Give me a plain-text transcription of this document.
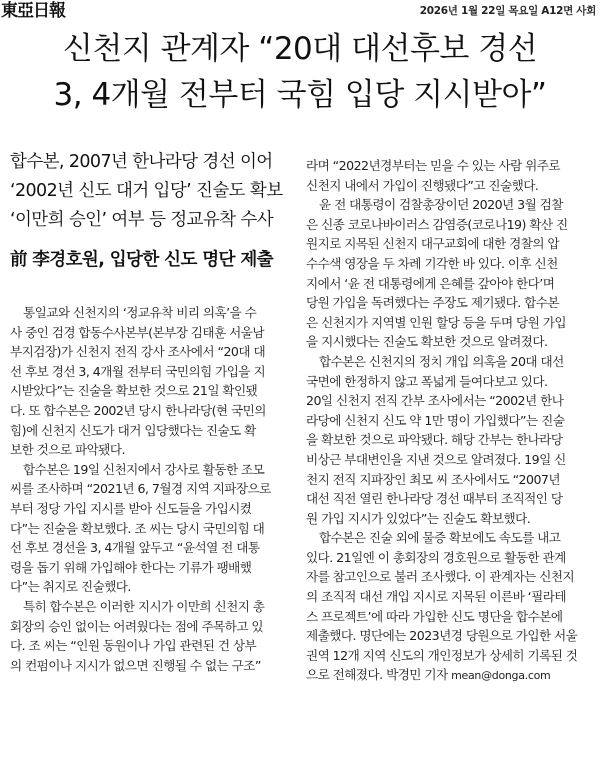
東亞日報	2026년 1월 22일 목요일 A12면 사회
신천지 관계자 “20대 대선후보 경선
3, 4개월 전부터 국힘 입당 지시받아”
합수본, 2007년 한나라당 경선 이어
‘2002년 신도 대거 입당’ 진술도 확보
‘이만희 승인’ 여부 등 정교유착 수사
前 李경호원, 입당한 신도 명단 제출
통일교와 신천지의 ‘정교유착 비리 의혹’을 수
사 중인 검경 합동수사본부(본부장 김태훈 서울남
부지검장)가 신천지 전직 강사 조사에서 “20대 대
선 후보 경선 3, 4개월 전부터 국민의힘 가입을 지
시받았다”는 진술을 확보한 것으로 21일 확인됐
다. 또 합수본은 2002년 당시 한나라당(현 국민의
힘)에 신천지 신도가 대거 입당했다는 진술도 확
보한 것으로 파악됐다.
합수본은 19일 신천지에서 강사로 활동한 조모
씨를 조사하며 “2021년 6, 7월경 지역 지파장으로
부터 정당 가입 지시를 받아 신도들을 가입시켰
다”는 진술을 확보했다. 조 씨는 당시 국민의힘 대
선 후보 경선을 3, 4개월 앞두고 “윤석열 전 대통
령을 돕기 위해 가입해야 한다는 기류가 팽배했
다”는 취지로 진술했다.
특히 합수본은 이러한 지시가 이만희 신천지 총
회장의 승인 없이는 어려웠다는 점에 주목하고 있
다. 조 씨는 “인원 동원이나 가입 관련된 건 상부
의 컨펌이나 지시가 없으면 진행될 수 없는 구조”
라며 “2022년경부터는 믿을 수 있는 사람 위주로
신천지 내에서 가입이 진행됐다”고 진술했다.
윤 전 대통령이 검찰총장이던 2020년 3월 검찰
은 신종 코로나바이러스 감염증(코로나19) 확산 진
원지로 지목된 신천지 대구교회에 대한 경찰의 압
수수색 영장을 두 차례 기각한 바 있다. 이후 신천
지에서 ‘윤 전 대통령에게 은혜를 갚아야 한다’며
당원 가입을 독려했다는 주장도 제기됐다. 합수본
은 신천지가 지역별 인원 할당 등을 두며 당원 가입
을 지시했다는 진술도 확보한 것으로 알려졌다.
합수본은 신천지의 정치 개입 의혹을 20대 대선
국면에 한정하지 않고 폭넓게 들여다보고 있다.
20일 신천지 전직 간부 조사에서는 “2002년 한나
라당에 신천지 신도 약 1만 명이 가입했다”는 진술
을 확보한 것으로 파악됐다. 해당 간부는 한나라당
비상근 부대변인을 지낸 것으로 알려졌다. 19일 신
천지 전직 지파장인 최모 씨 조사에서도 “2007년
대선 직전 열린 한나라당 경선 때부터 조직적인 당
원 가입 지시가 있었다”는 진술도 확보했다.
합수본은 진술 외에 물증 확보에도 속도를 내고
있다. 21일엔 이 총회장의 경호원으로 활동한 관계
자를 참고인으로 불러 조사했다. 이 관계자는 신천지
의 조직적 대선 개입 지시로 지목된 이른바 ‘필라테
스 프로젝트’에 따라 가입한 신도 명단을 합수본에
제출했다. 명단에는 2023년경 당원으로 가입한 서울
권역 12개 지역 신도의 개인정보가 상세히 기록된 것
으로 전해졌다. 박경민 기자 mean@donga.com
